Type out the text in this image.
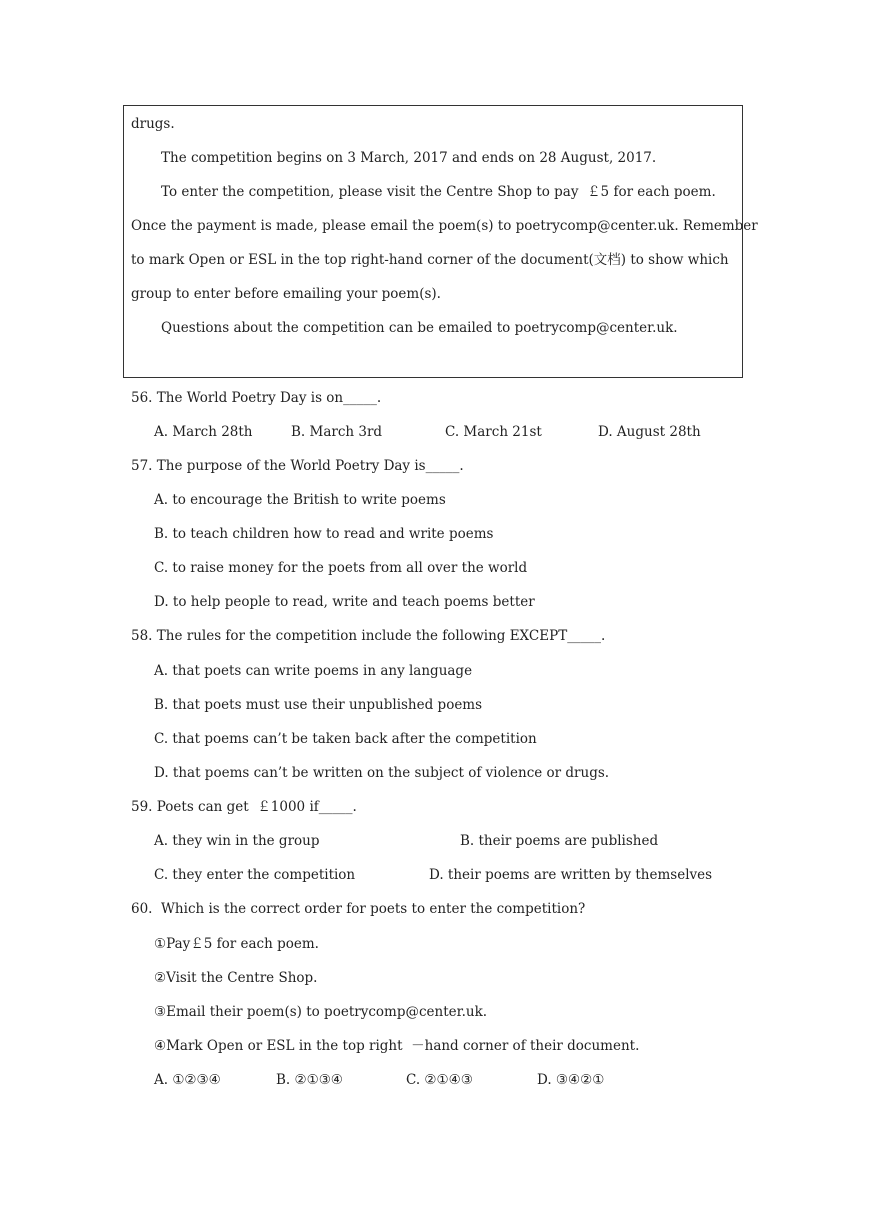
drugs.
The competition begins on 3 March, 2017 and ends on 28 August, 2017.
To enter the competition, please visit the Centre Shop to pay  ￡5 for each poem.
Once the payment is made, please email the poem(s) to poetrycomp@center.uk. Remember
to mark Open or ESL in the top right-hand corner of the document(文档) to show which
group to enter before emailing your poem(s).
Questions about the competition can be emailed to poetrycomp@center.uk.
56. The World Poetry Day is on_____.
A. March 28th	B. March 3rd	C. March 21st	D. August 28th
57. The purpose of the World Poetry Day is_____.
A. to encourage the British to write poems
B. to teach children how to read and write poems
C. to raise money for the poets from all over the world
D. to help people to read, write and teach poems better
58. The rules for the competition include the following EXCEPT_____.
A. that poets can write poems in any language
B. that poets must use their unpublished poems
C. that poems can’t be taken back after the competition
D. that poems can’t be written on the subject of violence or drugs.
59. Poets can get  ￡1000 if_____.
A. they win in the group	B. their poems are published
C. they enter the competition	D. their poems are written by themselves
60.  Which is the correct order for poets to enter the competition?
①Pay￡5 for each poem.
②Visit the Centre Shop.
③Email their poem(s) to poetrycomp@center.uk.
④Mark Open or ESL in the top right  －hand corner of their document.
A. ①②③④	B. ②①③④	C. ②①④③	D. ③④②①
